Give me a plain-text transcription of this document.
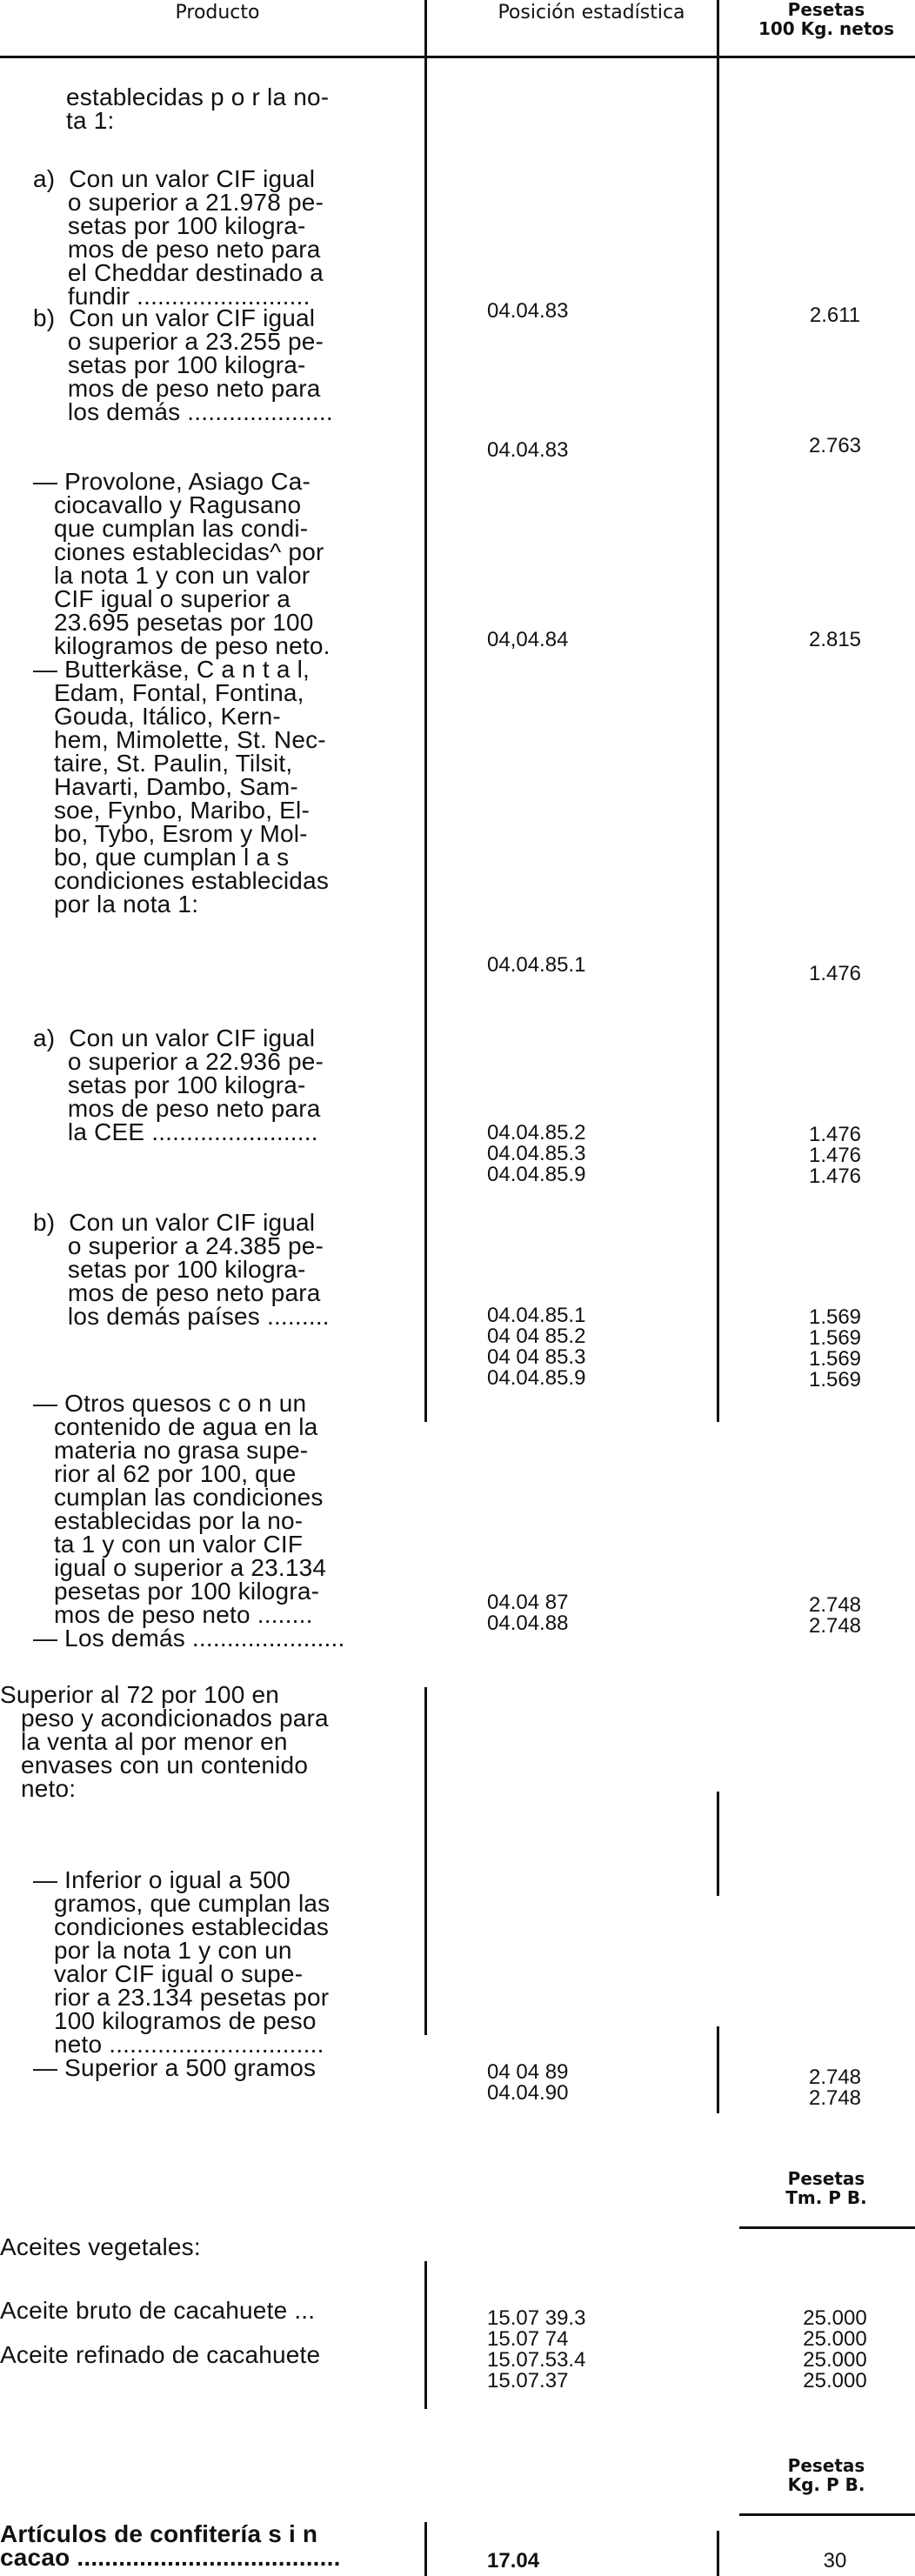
Producto	Posición estadística	Pesetas
100 Kg. netos
establecidas p o r la no-
ta 1:
a)  Con un valor CIF igual
o superior a 21.978 pe-
setas por 100 kilogra-
mos de peso neto para
el Cheddar destinado a
fundir .........................
b)  Con un valor CIF igual
o superior a 23.255 pe-
setas por 100 kilogra-
mos de peso neto para
los demás .....................
— Provolone, Asiago Ca-
ciocavallo y Ragusano
que cumplan las condi-
ciones establecidas^ por
la nota 1 y con un valor
CIF igual o superior a
23.695 pesetas por 100
kilogramos de peso neto.
— Butterkäse, C a n t a l,
Edam, Fontal, Fontina,
Gouda, Itálico, Kern-
hem, Mimolette, St. Nec-
taire, St. Paulin, Tilsit,
Havarti, Dambo, Sam-
soe, Fynbo, Maribo, El-
bo, Tybo, Esrom y Mol-
bo, que cumplan l a s
condiciones establecidas
por la nota 1:
a)  Con un valor CIF igual
o superior a 22.936 pe-
setas por 100 kilogra-
mos de peso neto para
la CEE ........................
b)  Con un valor CIF igual
o superior a 24.385 pe-
setas por 100 kilogra-
mos de peso neto para
los demás países .........
— Otros quesos c o n un
contenido de agua en la
materia no grasa supe-
rior al 62 por 100, que
cumplan las condiciones
establecidas por la no-
ta 1 y con un valor CIF
igual o superior a 23.134
pesetas por 100 kilogra-
mos de peso neto ........
— Los demás ......................
Superior al 72 por 100 en
peso y acondicionados para
la venta al por menor en
envases con un contenido
neto:
— Inferior o igual a 500
gramos, que cumplan las
condiciones establecidas
por la nota 1 y con un
valor CIF igual o supe-
rior a 23.134 pesetas por
100 kilogramos de peso
neto ...............................
— Superior a 500 gramos
Aceites vegetales:
Aceite bruto de cacahuete ...
Aceite refinado de cacahuete
Artículos de confitería s i n
cacao ......................................
Pesetas
Tm. P B.
Pesetas
Kg. P B.
04.04.83
04.04.83
04,04.84
04.04.85.1
04.04.85.2
04.04.85.3
04.04.85.9
04.04.85.1
04 04 85.2
04 04 85.3
04.04.85.9
04.04 87
04.04.88
04 04 89
04.04.90
15.07 39.3
15.07 74
15.07.53.4
15.07.37
17.04
2.611
2.763
2.815
1.476
1.476
1.476
1.476
1.569
1.569
1.569
1.569
2.748
2.748
2.748
2.748
25.000
25.000
25.000
25.000
30
